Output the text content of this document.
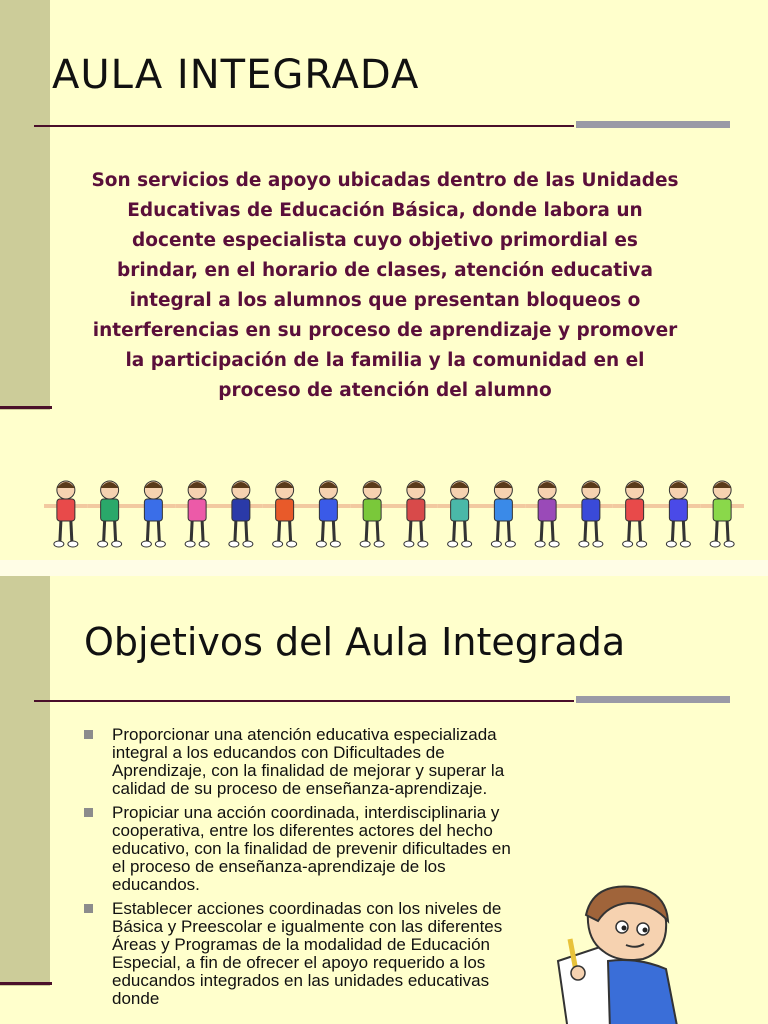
AULA INTEGRADA

Son servicios de apoyo ubicadas dentro de las Unidades Educativas de Educación Básica, donde labora un docente especialista cuyo objetivo primordial es brindar, en el horario de clases, atención educativa integral a los alumnos que presentan bloqueos o interferencias en su proceso de aprendizaje y promover la participación de la familia y la comunidad en el proceso de atención del alumno

Objetivos del Aula Integrada
Proporcionar una atención educativa especializada integral a los educandos con Dificultades de Aprendizaje, con la finalidad de mejorar y superar la calidad de su proceso de enseñanza-aprendizaje.
Propiciar una acción coordinada, interdisciplinaria y cooperativa, entre los diferentes actores del hecho educativo, con la finalidad de prevenir dificultades en el proceso de enseñanza-aprendizaje de los educandos.
Establecer acciones coordinadas con los niveles de Básica y Preescolar e igualmente con las diferentes Áreas y Programas de la modalidad de Educación Especial, a fin de ofrecer el apoyo requerido a los educandos integrados en las unidades educativas donde
